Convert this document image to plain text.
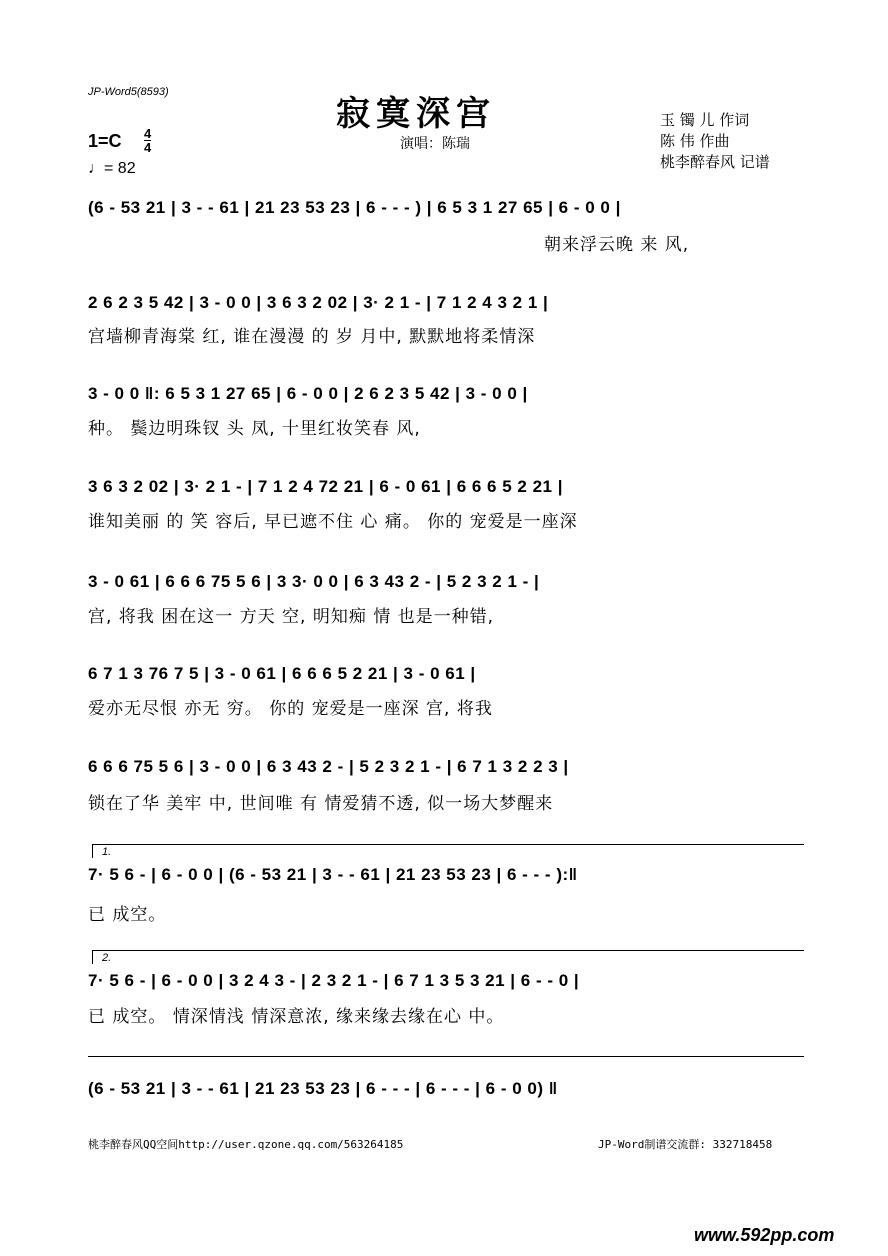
JP-Word5(8593)
寂寞深宫
演唱：陈瑞
1=C 4
4
♩= 82
玉 镯 儿 作词
陈 伟 作曲
桃李醉春风 记谱
(6 - 53 21 | 3 - - 61 | 21 23 53 23 | 6 - - - ) | 6 5 3 1 27 65 | 6 - 0 0 |
朝来浮云晚 来 风,
2 6 2 3 5 42 | 3 - 0 0 | 3 6 3 2 02 | 3· 2 1 - | 7 1 2 4 3 2 1 |
宫墙柳青海棠 红, 谁在漫漫 的 岁 月中, 默默地将柔情深
3 - 0 0 ‖: 6 5 3 1 27 65 | 6 - 0 0 | 2 6 2 3 5 42 | 3 - 0 0 |
种。 鬓边明珠钗 头 凤, 十里红妆笑春 风,
3 6 3 2 02 | 3· 2 1 - | 7 1 2 4 72 21 | 6 - 0 61 | 6 6 6 5 2 21 |
谁知美丽 的 笑 容后, 早已遮不住 心 痛。 你的 宠爱是一座深
3 - 0 61 | 6 6 6 75 5 6 | 3 3· 0 0 | 6 3 43 2 - | 5 2 3 2 1 - |
宫, 将我 困在这一 方天 空, 明知痴 情 也是一种错,
6 7 1 3 76 7 5 | 3 - 0 61 | 6 6 6 5 2 21 | 3 - 0 61 |
爱亦无尽恨 亦无 穷。 你的 宠爱是一座深 宫, 将我
6 6 6 75 5 6 | 3 - 0 0 | 6 3 43 2 - | 5 2 3 2 1 - | 6 7 1 3 2 2 3 |
锁在了华 美牢 中, 世间唯 有 情爱猜不透, 似一场大梦醒来
1.
7· 5 6 - | 6 - 0 0 | (6 - 53 21 | 3 - - 61 | 21 23 53 23 | 6 - - - ):‖
已 成空。
2.
7· 5 6 - | 6 - 0 0 | 3 2 4 3 - | 2 3 2 1 - | 6 7 1 3 5 3 21 | 6 - - 0 |
已 成空。 情深情浅 情深意浓, 缘来缘去缘在心 中。
(6 - 53 21 | 3 - - 61 | 21 23 53 23 | 6 - - - | 6 - - - | 6 - 0 0) ‖
桃李醉春风QQ空间http://user.qzone.qq.com/563264185	JP-Word制谱交流群: 332718458
www.592pp.com
